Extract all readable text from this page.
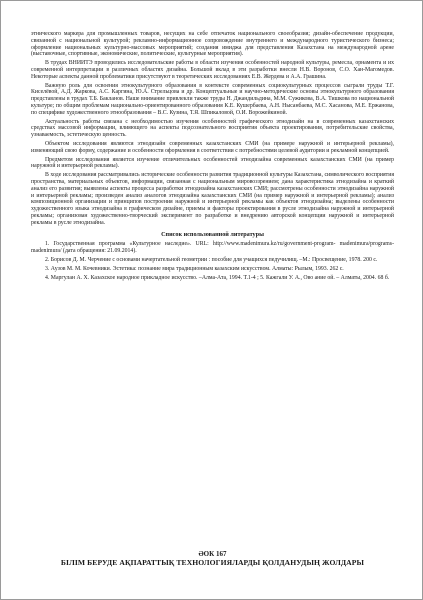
этнического маркера для промышленных товаров, несущих на себе отпечаток национального своеобразия; дизайн-обеспечение продукции, связанной с национальной культурой; рекламно-информационное сопровождение внутреннего и международного туристического бизнеса; оформление национальных культурно-массовых мероприятий; создания имиджа для представления Казахстана на международной арене (выставочные, спортивные, экономические, политические, культурные мероприятия).

В трудах ВНИИТЭ проводились исследовательские работы в области изучения особенностей народной культуры, ремесла, орнамента и их современной интерпретации в различных областях дизайна. Большой вклад в эти разработки внесли Н.В. Воронов, С.О. Хан-Магомедов. Некоторые аспекты данной проблематики присутствуют в теоретических исследованиях Е.В. Жердева и А.А. Грашина.

Важную роль для освоения этнокультурного образования в контексте современных социокультурных процессов сыграли труды Т.Г. Киселёвой, А.Д. Жаркова, А.С. Каргина, Ю.А. Стрельцова и др. Концептуальные и научно-методические основы этнокультурного образования представлены в трудах Т.Б. Бакланов. Наше внимание привлекли также труды Н. Джандильдина, М.М. Сужикова, В.А. Тишкова по национальной культуре; по общим проблемам национально-ориентированного образования К.Е. Кушербаева, А.Н. Нысанбаева, М.С. Хасанова, М.Е. Ержанова, по специфике художественного этнообразования – В.С. Кузина, Т.Я. Шпикаловой, О.И. Ворожейкиной.

Актуальность работы связана с необходимостью изучения особенностей графического этнодизайн на в современных казахстанских средствах массовой информации, влияющего на аспекты подсознательного восприятия объекта проектирования, потребительские свойства, узнаваемость, эстетическую ценность.

Объектом исследования являются этнодизайн современных казахстанских СМИ (на примере наружной и интерьерной рекламы), изменяющий свою форму, содержание и особенности оформления в соответствии с потребностями целевой аудитории и рекламной концепцией.

Предметом исследования является изучение отличительных особенностей этнодизайна современных казахстанских СМИ (на пример наружной и интерьерной рекламы).

В ходе исследования рассматривались исторические особенности развития традиционной культуры Казахстана, символического восприятия пространства, материальных объектов, информации, связанная с национальным мировоззрением; дана характеристика этнодизайна и краткий анализ его развития; выявлены аспекты процесса разработки этнодизайна казахстанских СМИ; рассмотрены особенности этнодизайна наружной и интерьерной рекламы; произведен анализ аналогов этнодизайна казахстанских СМИ (на пример наружной и интерьерной рекламы); анализ композиционной организации и принципов построения наружной и интерьерной рекламы как объектов этнодизайна; выделены особенности художественного языка этнодизайна в графическом дизайне, приемы и факторы проектирования в русле этнодизайна наружной и интерьерной рекламы; организован художественно-творческий эксперимент по разработке и внедрению авторской концепции наружной и интерьерной рекламы в русле этнодизайна.

Список использованной литературы

1. Государственная программа «Культурное наследие». URL: http://www.madenimura.kz/ru/government-program- madenimura/programs-madenimura/ (дата обращения: 21.09.2014).

2. Борисов Д. М. Черчение с основами начертательной геометрии : пособие для учащихся педучилищ. –М.: Просвещение, 1978. 200 с.

3. Аузов М. М. Кочевники. Эстетика: познание мира традиционным казахским искусством. Алматы: Рылым, 1993. 262 с.

4. Маргулан А. Х. Казахское народное прикладное искусство. –Алма-Ата, 1994. Т.1-4 ; 5. Кажгали У. А., Ово ание ой. – Алматы, 2004. 68 б.

ӘОК 167
БІЛІМ БЕРУДЕ АҚПАРАТТЫҚ ТЕХНОЛОГИЯЛАРДЫ ҚОЛДАНУДЫҢ ЖОЛДАРЫ
